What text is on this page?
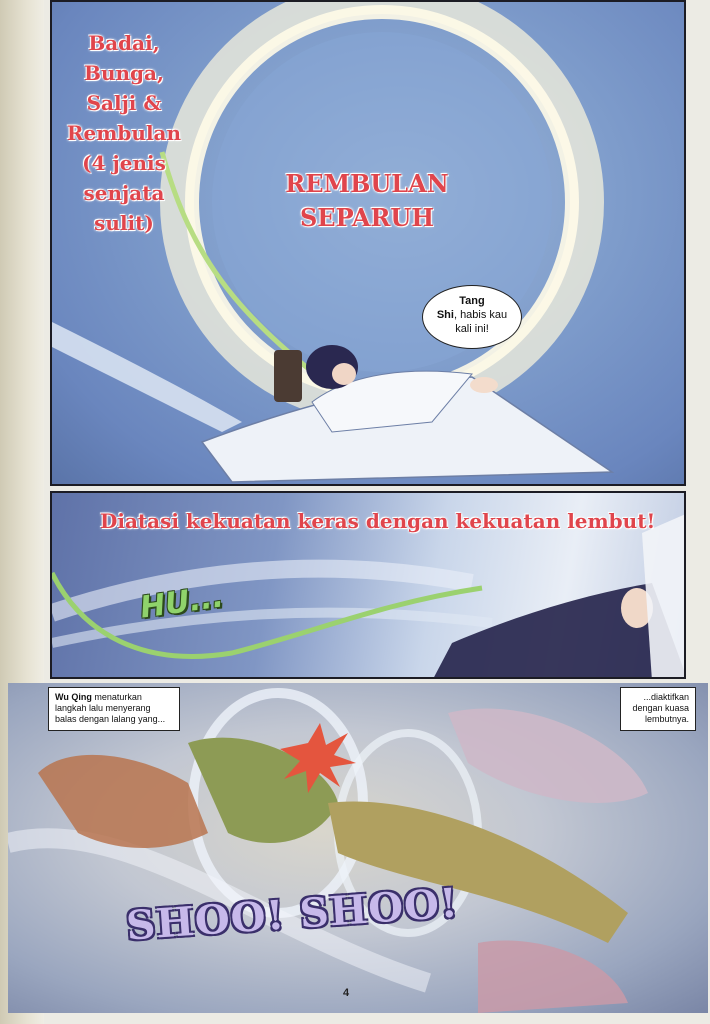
Badai,
Bunga,
Salji &
Rembulan
(4 jenis
senjata
sulit)
REMBULAN
SEPARUH
Tang
Shi, habis kau
kali ini!
Diatasi kekuatan keras dengan kekuatan lembut!
HU...
Wu Qing menaturkan langkah lalu menyerang balas dengan lalang yang...
...diaktifkan dengan kuasa lembutnya.
SHOO! SHOO!
4
